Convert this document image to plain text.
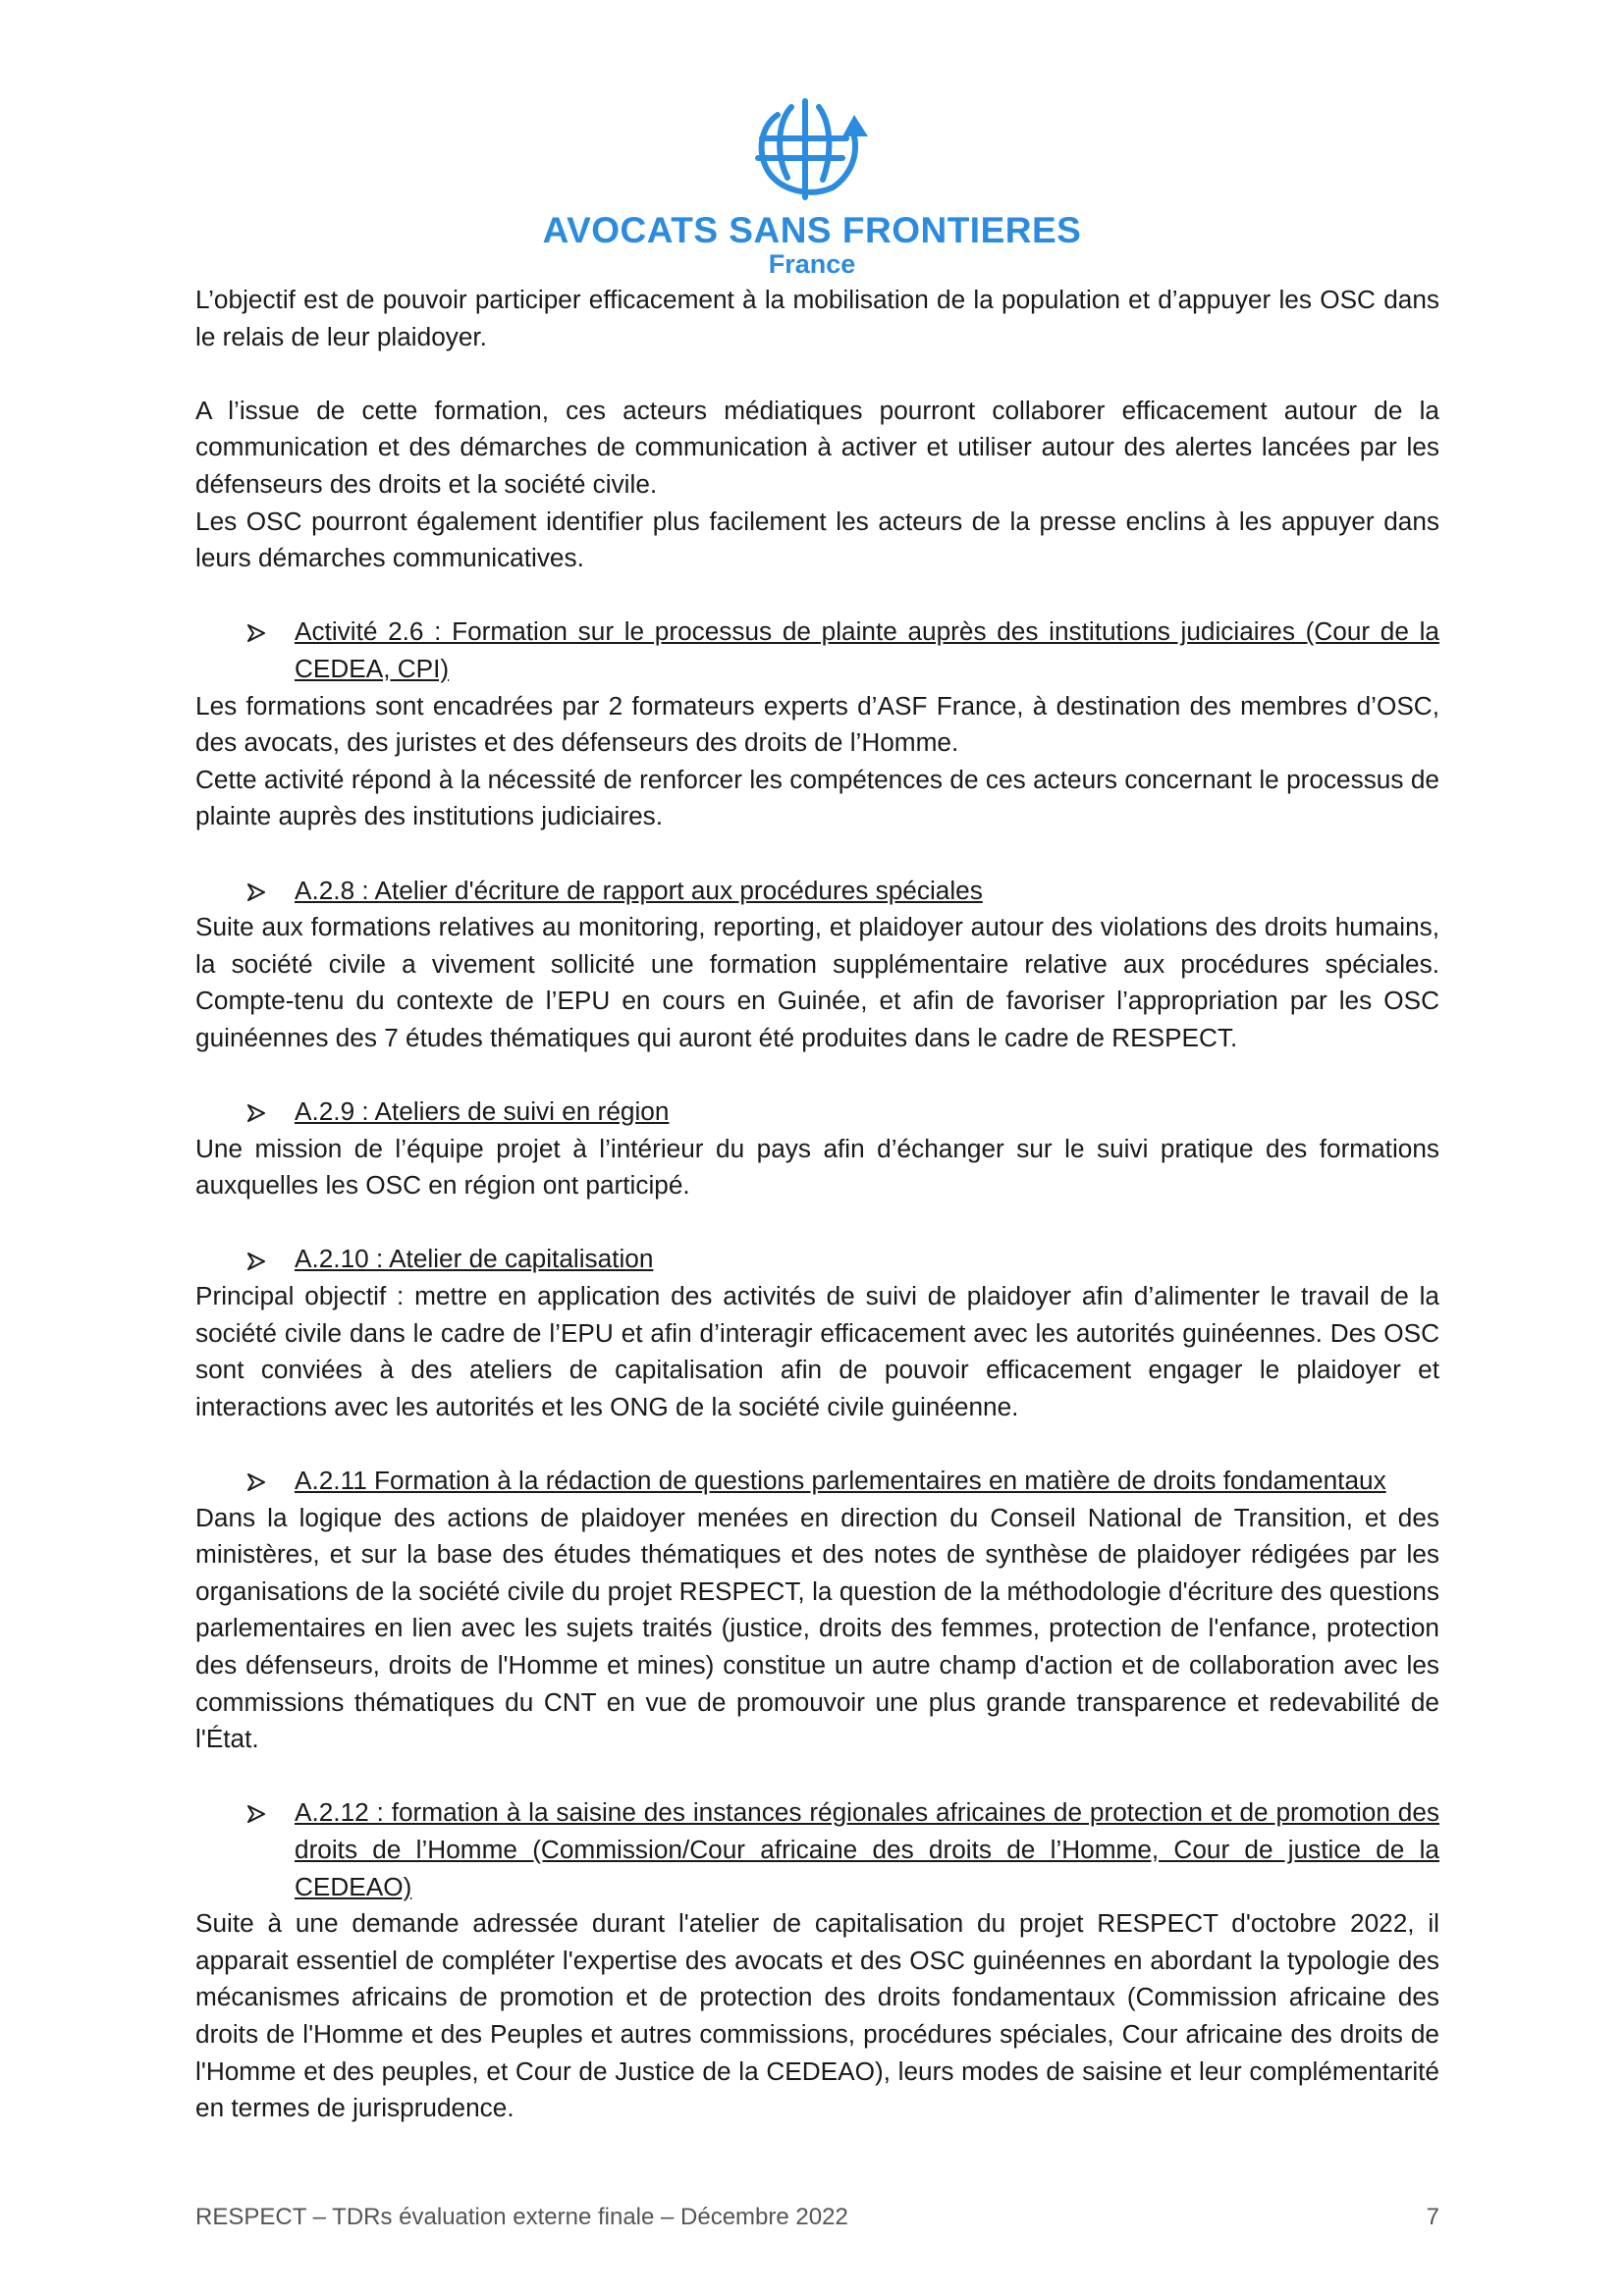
AVOCATS SANS FRONTIERES
France

L’objectif est de pouvoir participer efficacement à la mobilisation de la population et d’appuyer les OSC dans le relais de leur plaidoyer.

A l’issue de cette formation, ces acteurs médiatiques pourront collaborer efficacement autour de la communication et des démarches de communication à activer et utiliser autour des alertes lancées par les défenseurs des droits et la société civile.

Les OSC pourront également identifier plus facilement les acteurs de la presse enclins à les appuyer dans leurs démarches communicatives.

Activité 2.6 : Formation sur le processus de plainte auprès des institutions judiciaires (Cour de la CEDEA, CPI)

Les formations sont encadrées par 2 formateurs experts d’ASF France, à destination des membres d’OSC, des avocats, des juristes et des défenseurs des droits de l’Homme.

Cette activité répond à la nécessité de renforcer les compétences de ces acteurs concernant le processus de plainte auprès des institutions judiciaires.

A.2.8 : Atelier d'écriture de rapport aux procédures spéciales

Suite aux formations relatives au monitoring, reporting, et plaidoyer autour des violations des droits humains, la société civile a vivement sollicité une formation supplémentaire relative aux procédures spéciales. Compte-tenu du contexte de l’EPU en cours en Guinée, et afin de favoriser l’appropriation par les OSC guinéennes des 7 études thématiques qui auront été produites dans le cadre de RESPECT.

A.2.9 : Ateliers de suivi en région

Une mission de l’équipe projet à l’intérieur du pays afin d’échanger sur le suivi pratique des formations auxquelles les OSC en région ont participé.

A.2.10 : Atelier de capitalisation

Principal objectif : mettre en application des activités de suivi de plaidoyer afin d’alimenter le travail de la société civile dans le cadre de l’EPU et afin d’interagir efficacement avec les autorités guinéennes. Des OSC sont conviées à des ateliers de capitalisation afin de pouvoir efficacement engager le plaidoyer et interactions avec les autorités et les ONG de la société civile guinéenne.

A.2.11 Formation à la rédaction de questions parlementaires en matière de droits fondamentaux

Dans la logique des actions de plaidoyer menées en direction du Conseil National de Transition, et des ministères, et sur la base des études thématiques et des notes de synthèse de plaidoyer rédigées par les organisations de la société civile du projet RESPECT, la question de la méthodologie d'écriture des questions parlementaires en lien avec les sujets traités (justice, droits des femmes, protection de l'enfance, protection des défenseurs, droits de l'Homme et mines) constitue un autre champ d'action et de collaboration avec les commissions thématiques du CNT en vue de promouvoir une plus grande transparence et redevabilité de l'État.

A.2.12 : formation à la saisine des instances régionales africaines de protection et de promotion des droits de l’Homme (Commission/Cour africaine des droits de l’Homme, Cour de justice de la CEDEAO)

Suite à une demande adressée durant l'atelier de capitalisation du projet RESPECT d'octobre 2022, il apparait essentiel de compléter l'expertise des avocats et des OSC guinéennes en abordant la typologie des mécanismes africains de promotion et de protection des droits fondamentaux (Commission africaine des droits de l'Homme et des Peuples et autres commissions, procédures spéciales, Cour africaine des droits de l'Homme et des peuples, et Cour de Justice de la CEDEAO), leurs modes de saisine et leur complémentarité en termes de jurisprudence.

RESPECT – TDRs évaluation externe finale – Décembre 2022	7
